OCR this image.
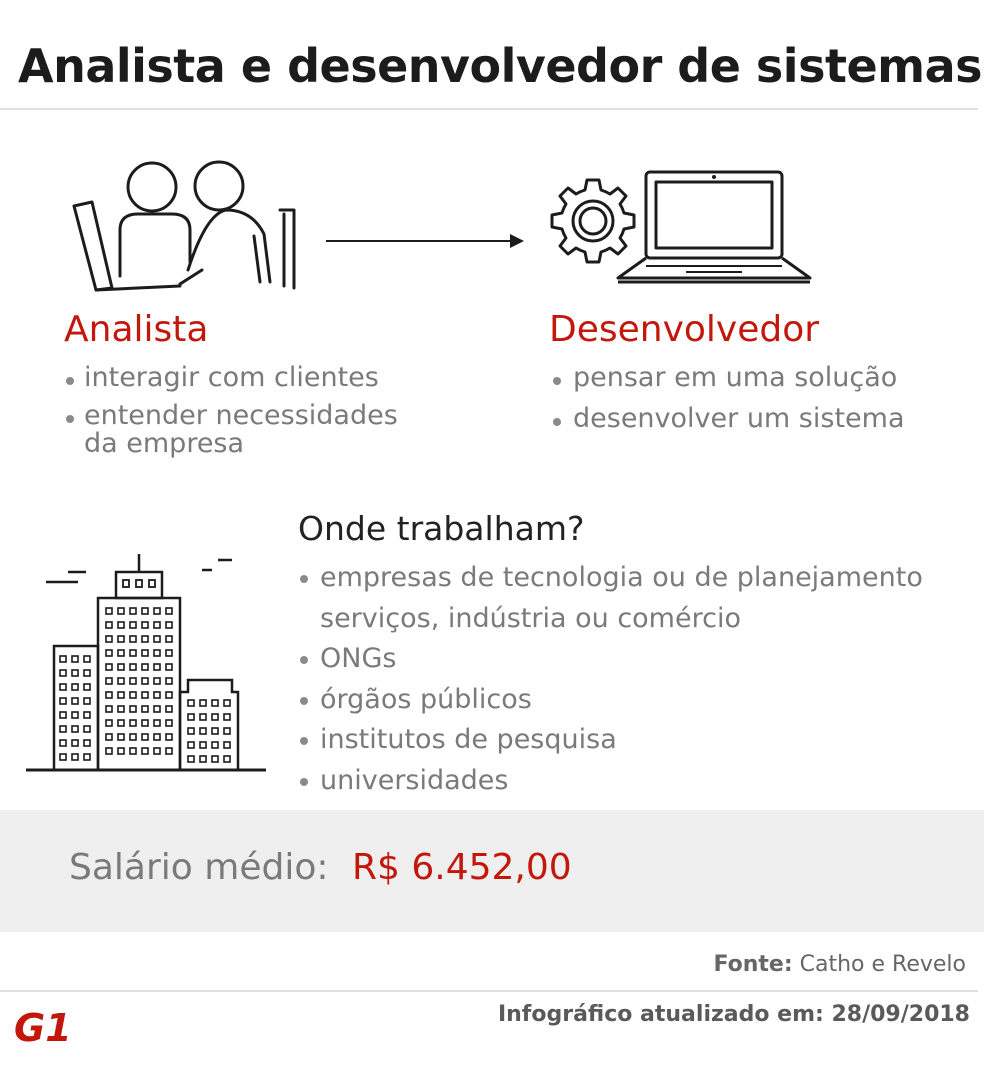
Analista e desenvolvedor de sistemas
Analista
interagir com clientes
entender necessidades
da empresa
Desenvolvedor
pensar em uma solução
desenvolver um sistema
Onde trabalham?
empresas de tecnologia ou de planejamento
serviços, indústria ou comércio
ONGs
órgãos públicos
institutos de pesquisa
universidades
Salário médio: R$ 6.452,00
Fonte: Catho e Revelo
G1	Infográfico atualizado em: 28/09/2018
